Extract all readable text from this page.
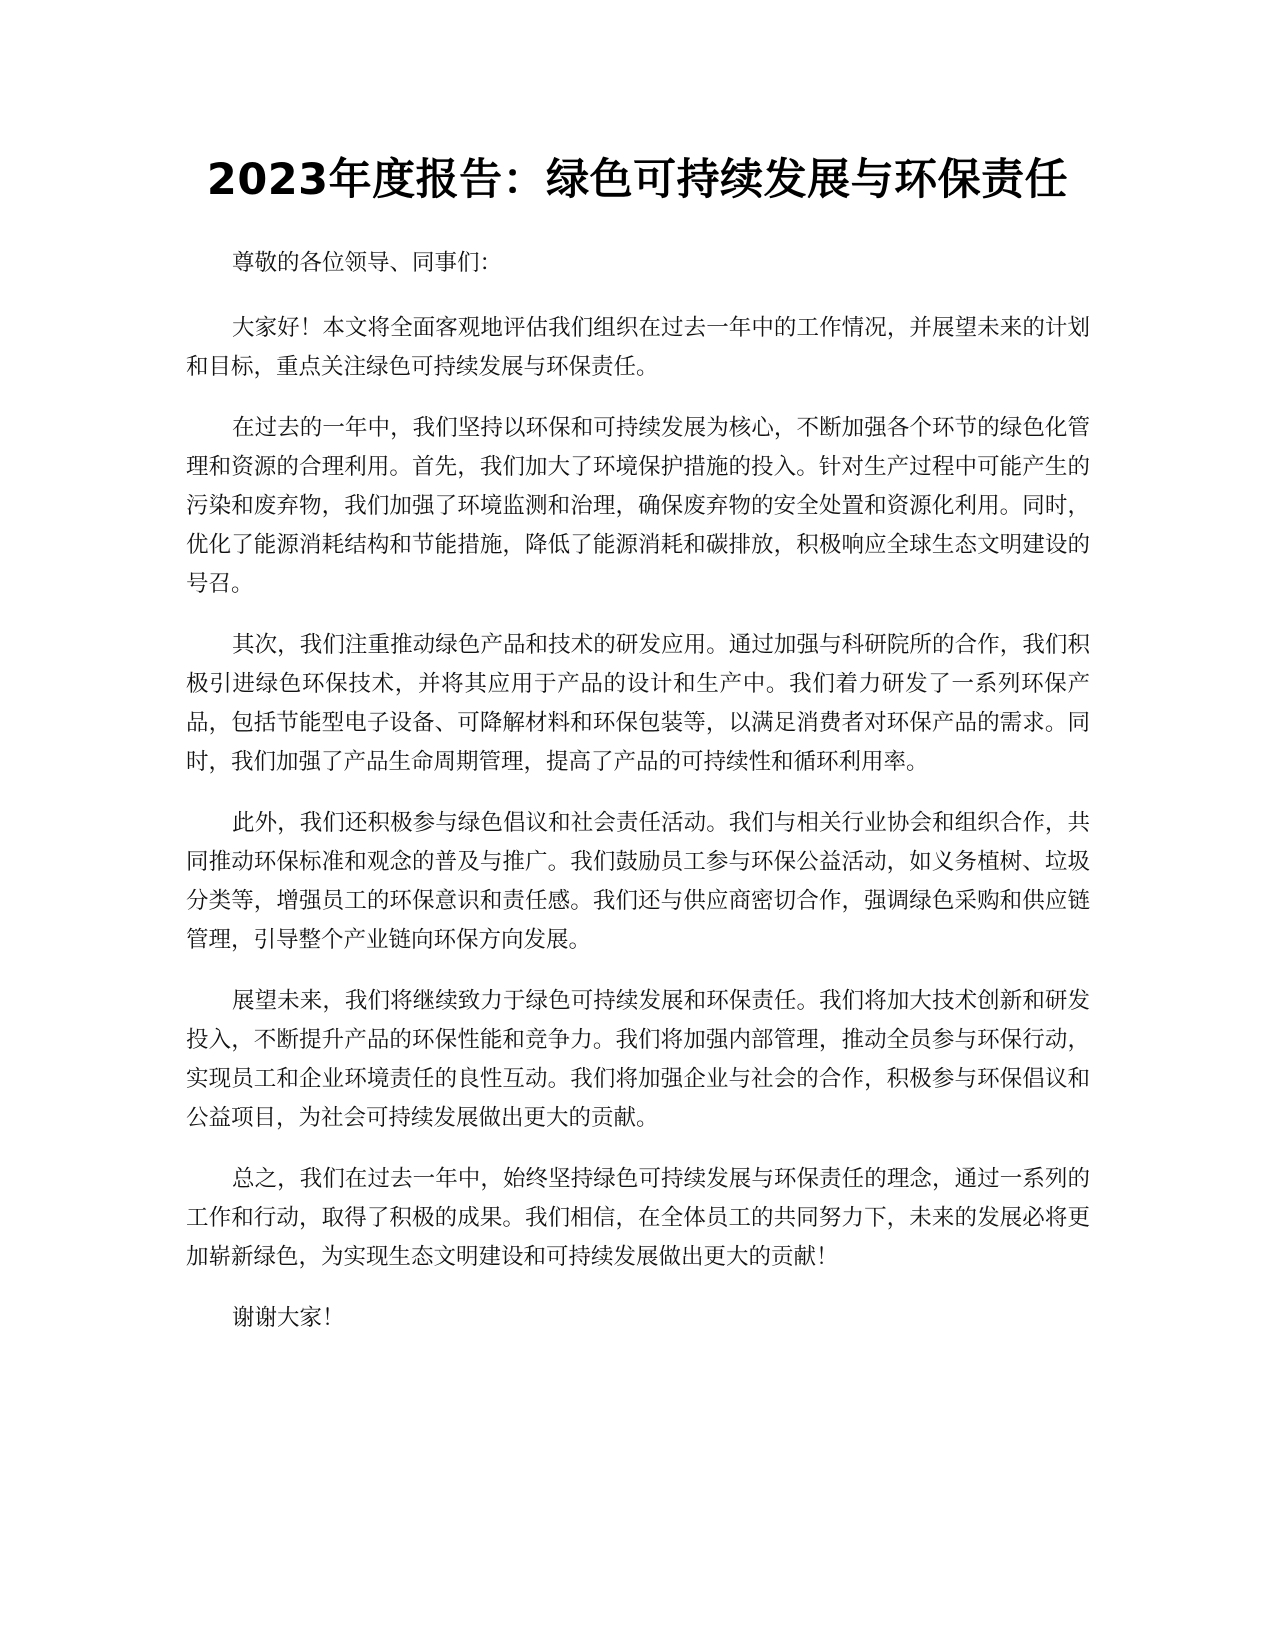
2023年度报告：绿色可持续发展与环保责任

尊敬的各位领导、同事们：

大家好！本文将全面客观地评估我们组织在过去一年中的工作情况，并展望未来的计划和目标，重点关注绿色可持续发展与环保责任。

在过去的一年中，我们坚持以环保和可持续发展为核心，不断加强各个环节的绿色化管理和资源的合理利用。首先，我们加大了环境保护措施的投入。针对生产过程中可能产生的污染和废弃物，我们加强了环境监测和治理，确保废弃物的安全处置和资源化利用。同时，优化了能源消耗结构和节能措施，降低了能源消耗和碳排放，积极响应全球生态文明建设的号召。

其次，我们注重推动绿色产品和技术的研发应用。通过加强与科研院所的合作，我们积极引进绿色环保技术，并将其应用于产品的设计和生产中。我们着力研发了一系列环保产品，包括节能型电子设备、可降解材料和环保包装等，以满足消费者对环保产品的需求。同时，我们加强了产品生命周期管理，提高了产品的可持续性和循环利用率。

此外，我们还积极参与绿色倡议和社会责任活动。我们与相关行业协会和组织合作，共同推动环保标准和观念的普及与推广。我们鼓励员工参与环保公益活动，如义务植树、垃圾分类等，增强员工的环保意识和责任感。我们还与供应商密切合作，强调绿色采购和供应链管理，引导整个产业链向环保方向发展。

展望未来，我们将继续致力于绿色可持续发展和环保责任。我们将加大技术创新和研发投入，不断提升产品的环保性能和竞争力。我们将加强内部管理，推动全员参与环保行动，实现员工和企业环境责任的良性互动。我们将加强企业与社会的合作，积极参与环保倡议和公益项目，为社会可持续发展做出更大的贡献。

总之，我们在过去一年中，始终坚持绿色可持续发展与环保责任的理念，通过一系列的工作和行动，取得了积极的成果。我们相信，在全体员工的共同努力下，未来的发展必将更加崭新绿色，为实现生态文明建设和可持续发展做出更大的贡献！

谢谢大家！
